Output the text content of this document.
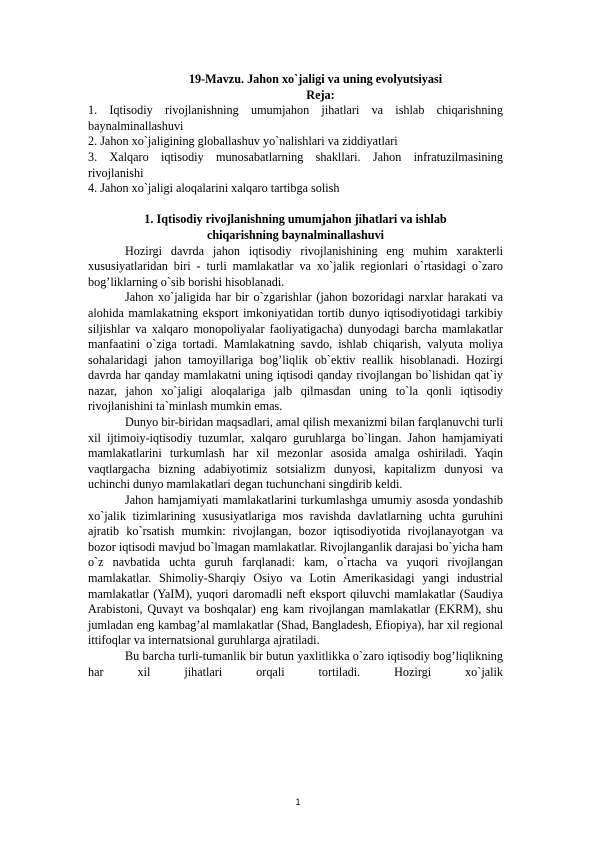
19-Mavzu. Jahon xo`jaligi va uning evolyutsiyasi
Reja:
1. Iqtisodiy rivojlanishning umumjahon jihatlari va ishlab chiqarishning baynalminallashuvi
2. Jahon xo`jaligining globallashuv yo`nalishlari va ziddiyatlari
3. Xalqaro iqtisodiy munosabatlarning shakllari. Jahon infratuzilmasining rivojlanishi
4. Jahon xo`jaligi aloqalarini xalqaro tartibga solish
1. Iqtisodiy rivojlanishning umumjahon jihatlari va ishlab chiqarishning baynalminallashuvi
Hozirgi davrda jahon iqtisodiy rivojlanishining eng muhim xarakterli xususiyatlaridan biri - turli mamlakatlar va xo`jalik regionlari o`rtasidagi o`zaro bog’liklarning o`sib borishi hisoblanadi.
Jahon xo`jaligida har bir o`zgarishlar (jahon bozoridagi narxlar harakati va alohida mamlakatning eksport imkoniyatidan tortib dunyo iqtisodiyotidagi tarkibiy siljishlar va xalqaro monopoliyalar faoliyatigacha) dunyodagi barcha mamlakatlar manfaatini o`ziga tortadi. Mamlakatning savdo, ishlab chiqarish, valyuta moliya sohalaridagi jahon tamoyillariga bog’liqlik ob`ektiv reallik hisoblanadi. Hozirgi davrda har qanday mamlakatni uning iqtisodi qanday rivojlangan bo`lishidan qat`iy nazar, jahon xo`jaligi aloqalariga jalb qilmasdan uning to`la qonli iqtisodiy rivojlanishini ta`minlash mumkin emas.
Dunyo bir-biridan maqsadlari, amal qilish mexanizmi bilan farqlanuvchi turli xil ijtimoiy-iqtisodiy tuzumlar, xalqaro guruhlarga bo`lingan. Jahon hamjamiyati mamlakatlarini turkumlash har xil mezonlar asosida amalga oshiriladi. Yaqin vaqtlargacha bizning adabiyotimiz sotsializm dunyosi, kapitalizm dunyosi va uchinchi dunyo mamlakatlari degan tuchunchani singdirib keldi.
Jahon hamjamiyati mamlakatlarini turkumlashga umumiy asosda yondashib xo`jalik tizimlarining xususiyatlariga mos ravishda davlatlarning uchta guruhini ajratib ko`rsatish mumkin: rivojlangan, bozor iqtisodiyotida rivojlanayotgan va bozor iqtisodi mavjud bo`lmagan mamlakatlar. Rivojlanganlik darajasi bo`yicha ham o`z navbatida uchta guruh farqlanadi: kam, o`rtacha va yuqori rivojlangan mamlakatlar. Shimoliy-Sharqiy Osiyo va Lotin Amerikasidagi yangi industrial mamlakatlar (YaIM), yuqori daromadli neft eksport qiluvchi mamlakatlar (Saudiya Arabistoni, Quvayt va boshqalar) eng kam rivojlangan mamlakatlar (EKRM), shu jumladan eng kambag’al mamlakatlar (Shad, Bangladesh, Efiopiya), har xil regional ittifoqlar va internatsional guruhlarga ajratiladi.
Bu barcha turli-tumanlik bir butun yaxlitlikka o`zaro iqtisodiy bog’liqlikning har xil jihatlari orqali tortiladi. Hozirgi xo`jalik
1
